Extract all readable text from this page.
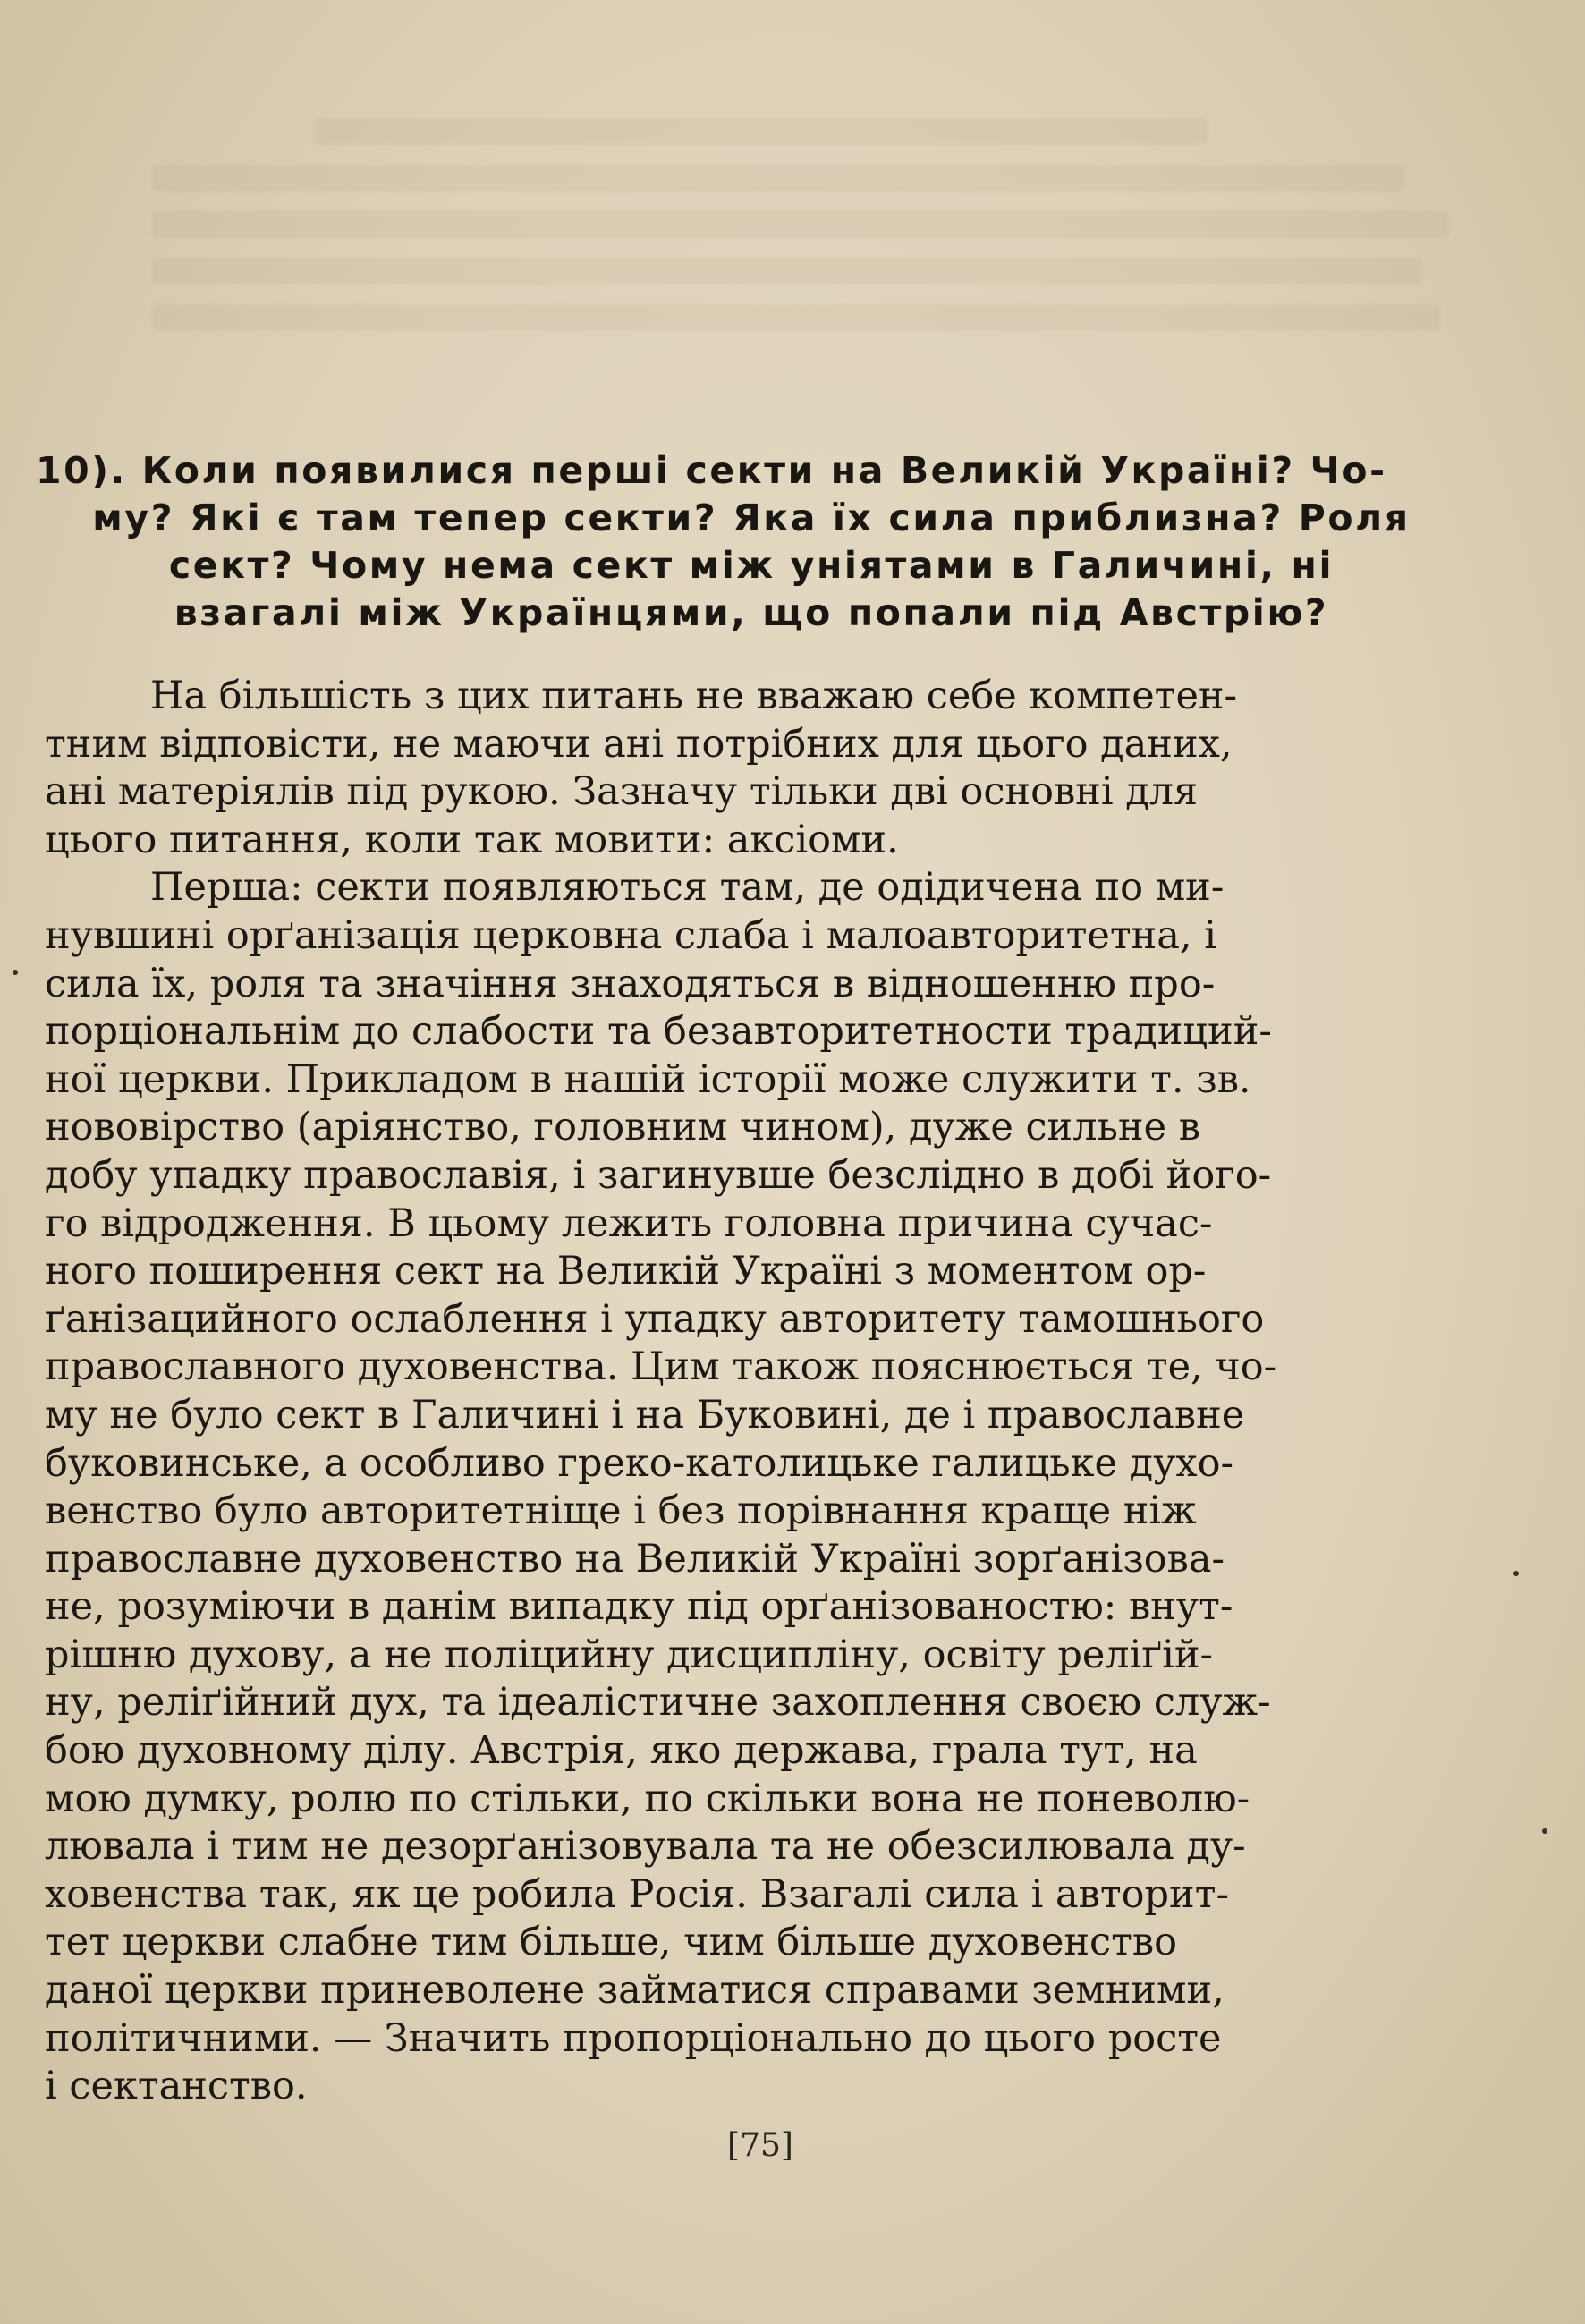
10). Коли появилися перші секти на Великій Україні? Чо-
му? Які є там тепер секти? Яка їх сила приблизна? Роля
сект? Чому нема сект між уніятами в Галичині, ні
взагалі між Українцями, що попали під Австрію?
На більшість з цих питань не вважаю себе компетен-
тним відповісти, не маючи ані потрібних для цього даних,
ані матеріялів під рукою. Зазначу тільки дві основні для
цього питання, коли так мовити: аксіоми.
Перша: секти появляються там, де одідичена по ми-
нувшині орґанізація церковна слаба і малоавторитетна, і
сила їх, роля та значіння знаходяться в відношенню про-
порціональнім до слабости та безавторитетности традиций-
ної церкви. Прикладом в нашій історії може служити т. зв.
нововірство (аріянство, головним чином), дуже сильне в
добу упадку православія, і загинувше безслідно в добі його-
го відродження. В цьому лежить головна причина сучас-
ного поширення сект на Великій Україні з моментом ор-
ґанізацийного ослаблення і упадку авторитету тамошнього
православного духовенства. Цим також пояснюється те, чо-
му не було сект в Галичині і на Буковині, де і православне
буковинське, а особливо греко-католицьке галицьке духо-
венство було авторитетніще і без порівнання краще ніж
православне духовенство на Великій Україні зорґанізова-
не, розуміючи в данім випадку під орґанізованостю: внут-
рішню духову, а не поліцийну дисципліну, освіту реліґій-
ну, реліґійний дух, та ідеалістичне захоплення своєю служ-
бою духовному ділу. Австрія, яко держава, грала тут, на
мою думку, ролю по стільки, по скільки вона не поневолю-
лювала і тим не дезорґанізовувала та не обезсилювала ду-
ховенства так, як це робила Росія. Взагалі сила і авторит-
тет церкви слабне тим більше, чим більше духовенство
даної церкви приневолене займатися справами земними,
політичними. — Значить пропорціонально до цього росте
і сектанство.
[75]
